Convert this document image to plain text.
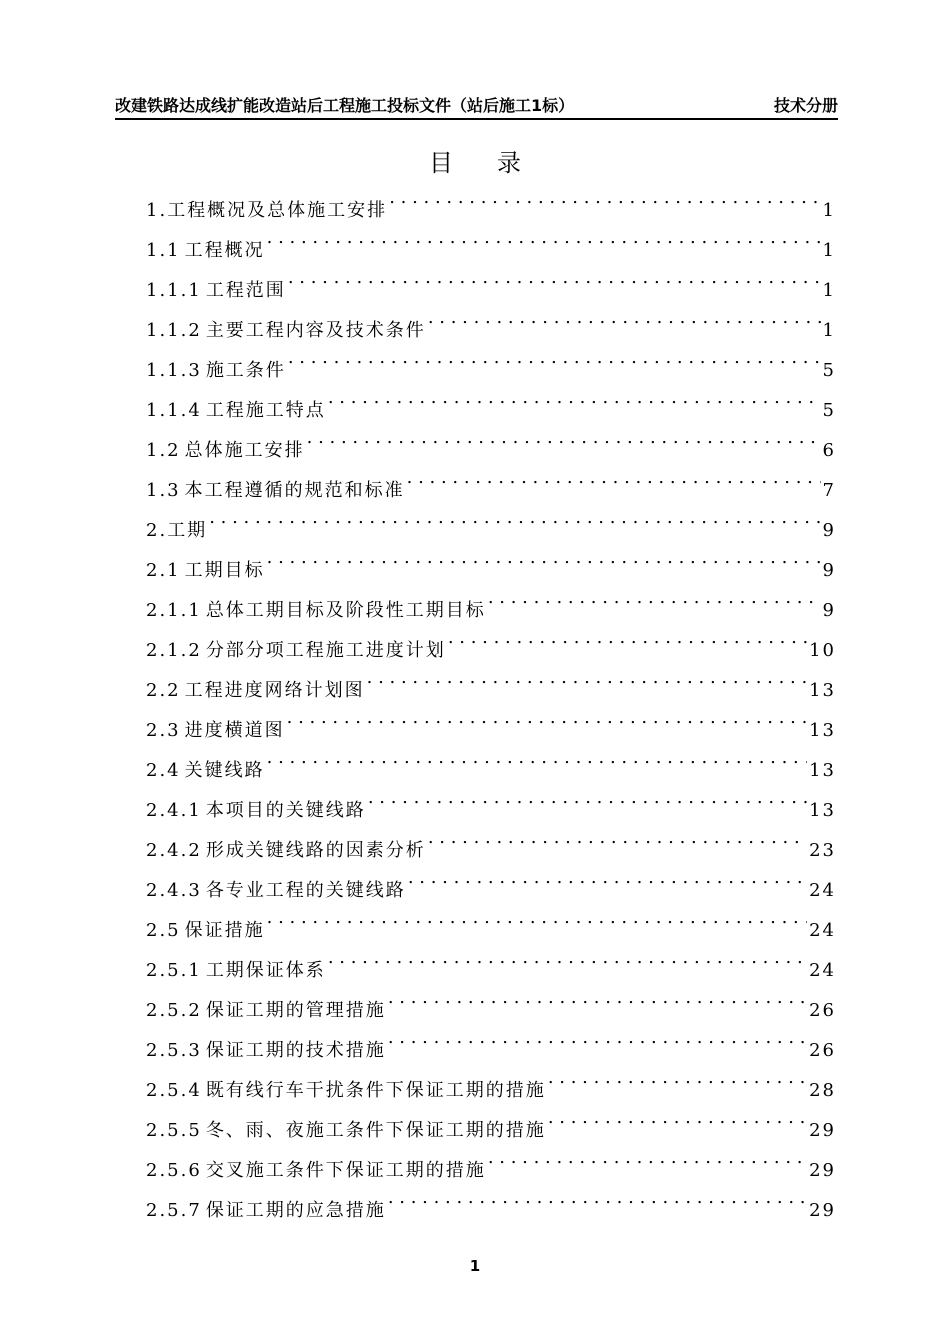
改建铁路达成线扩能改造站后工程施工投标文件（站后施工1标）	技术分册
目录
1.工程概况及总体施工安排 . . .	1
1.1 工程概况 . . .	1
1.1.1 工程范围 . . .	1
1.1.2 主要工程内容及技术条件 . . .	1
1.1.3 施工条件 . . .	5
1.1.4 工程施工特点 . . .	5
1.2 总体施工安排 . . .	6
1.3 本工程遵循的规范和标准 . . .	7
2.工期 . . .	9
2.1 工期目标 . . .	9
2.1.1 总体工期目标及阶段性工期目标 . . .	9
2.1.2 分部分项工程施工进度计划 . . .	10
2.2 工程进度网络计划图 . . .	13
2.3 进度横道图 . . .	13
2.4 关键线路 . . .	13
2.4.1 本项目的关键线路 . . .	13
2.4.2 形成关键线路的因素分析 . . .	23
2.4.3 各专业工程的关键线路 . . .	24
2.5 保证措施 . . .	24
2.5.1 工期保证体系 . . .	24
2.5.2 保证工期的管理措施 . . .	26
2.5.3 保证工期的技术措施 . . .	26
2.5.4 既有线行车干扰条件下保证工期的措施 . . .	28
2.5.5 冬、雨、夜施工条件下保证工期的措施 . . .	29
2.5.6 交叉施工条件下保证工期的措施 . . .	29
2.5.7 保证工期的应急措施 . . .	29
1
